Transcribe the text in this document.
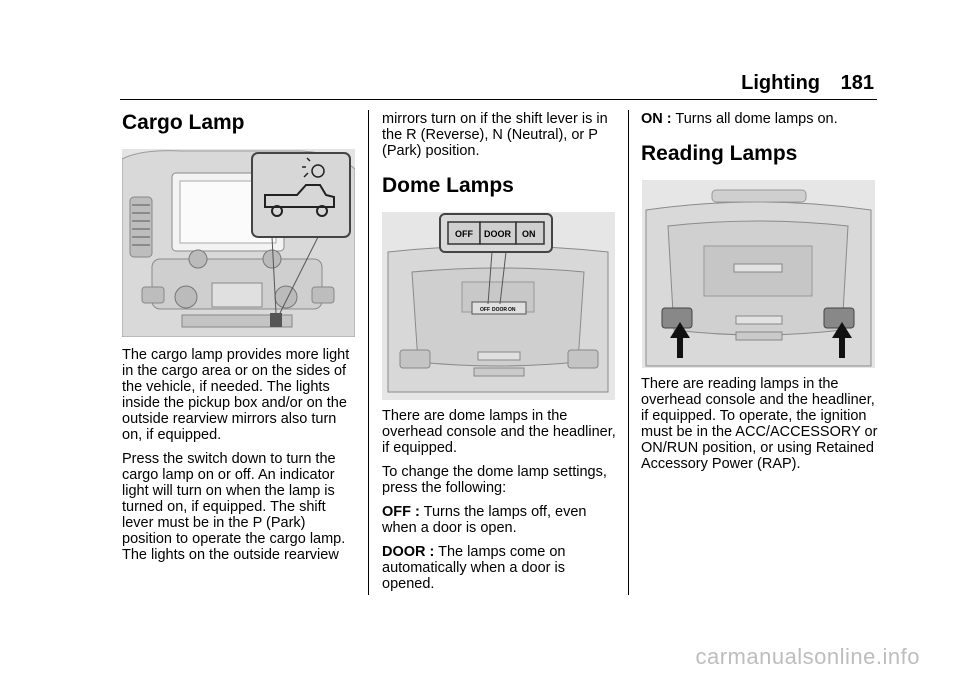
Lighting 181
Cargo Lamp

The cargo lamp provides more light in the cargo area or on the sides of the vehicle, if needed. The lights inside the pickup box and/or on the outside rearview mirrors also turn on, if equipped.

Press the switch down to turn the cargo lamp on or off. An indicator light will turn on when the lamp is turned on, if equipped. The shift lever must be in the P (Park) position to operate the cargo lamp. The lights on the outside rearview

mirrors turn on if the shift lever is in the R (Reverse), N (Neutral), or P (Park) position.

Dome Lamps
OFF DOOR ON
OFF DOOR ON

There are dome lamps in the overhead console and the headliner, if equipped.

To change the dome lamp settings, press the following:

OFF : Turns the lamps off, even when a door is open.

DOOR : The lamps come on automatically when a door is opened.

ON : Turns all dome lamps on.

Reading Lamps

There are reading lamps in the overhead console and the headliner, if equipped. To operate, the ignition must be in the ACC/ACCESSORY or ON/RUN position, or using Retained Accessory Power (RAP).

carmanualsonline.info
